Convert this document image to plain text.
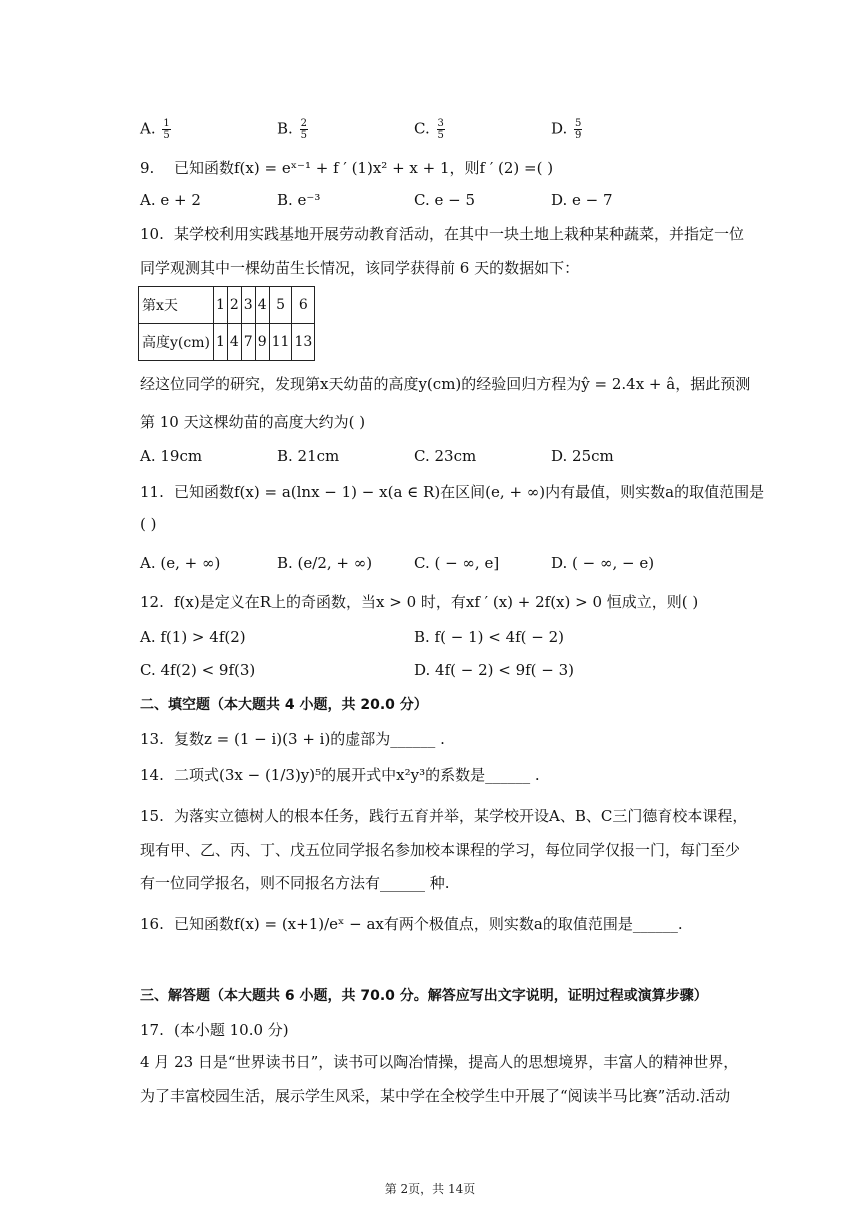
A. $\frac{1}{5}$	B. $\frac{2}{5}$	C. $\frac{3}{5}$	D. $\frac{5}{9}$
9. 已知函数f(x) = eˣ⁻¹ + f ′ (1)x² + x + 1，则f ′ (2) =( )
A. e + 2	B. e⁻³	C. e − 5	D. e − 7
10. 某学校利用实践基地开展劳动教育活动，在其中一块土地上栽种某种蔬菜，并指定一位
同学观测其中一棵幼苗生长情况，该同学获得前 6 天的数据如下：
第x天	1	2	3	4	5	6
高度y(cm)	1	4	7	9	11	13
经这位同学的研究，发现第x天幼苗的高度y(cm)的经验回归方程为ŷ = 2.4x + â，据此预测
第 10 天这棵幼苗的高度大约为( )
A. 19cm	B. 21cm	C. 23cm	D. 25cm
11. 已知函数f(x) = a(lnx − 1) − x(a ∈ R)在区间(e, + ∞)内有最值，则实数a的取值范围是
( )
A. (e, + ∞)	B. (e/2, + ∞)	C. ( − ∞, e]	D. ( − ∞, − e)
12. f(x)是定义在R上的奇函数，当x > 0 时，有xf ′ (x) + 2f(x) > 0 恒成立，则( )
A. f(1) > 4f(2)	B. f( − 1) < 4f( − 2)
C. 4f(2) < 9f(3)	D. 4f( − 2) < 9f( − 3)
二、填空题（本大题共 4 小题，共 20.0 分）
13. 复数z = (1 − i)(3 + i)的虚部为______ .
14. 二项式(3x − (1/3)y)⁵的展开式中x²y³的系数是______ .
15. 为落实立德树人的根本任务，践行五育并举，某学校开设A、B、C三门德育校本课程，
现有甲、乙、丙、丁、戊五位同学报名参加校本课程的学习，每位同学仅报一门，每门至少
有一位同学报名，则不同报名方法有______ 种.
16. 已知函数f(x) = (x+1)/eˣ − ax有两个极值点，则实数a的取值范围是______.
三、解答题（本大题共 6 小题，共 70.0 分。解答应写出文字说明，证明过程或演算步骤）
17. (本小题 10.0 分)
4 月 23 日是“世界读书日”，读书可以陶冶情操，提高人的思想境界，丰富人的精神世界，
为了丰富校园生活，展示学生风采，某中学在全校学生中开展了“阅读半马比赛”活动.活动
第 2页，共 14页
